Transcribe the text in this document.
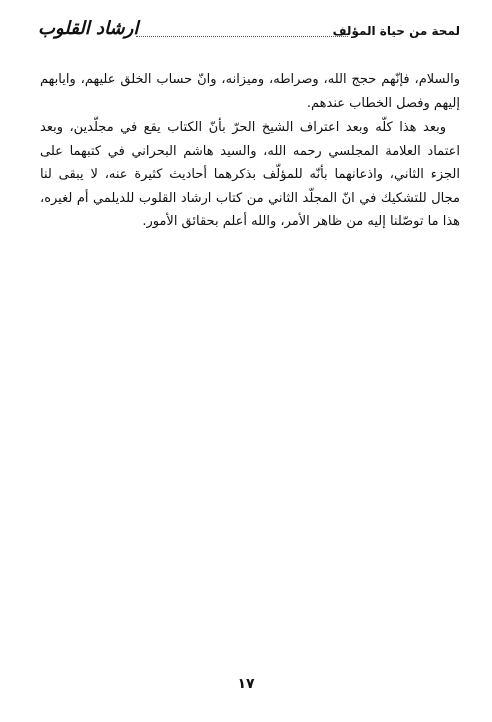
ارشاد القلوب	لمحة من حياة المؤلف

والسلام، فإنّهم حجج الله، وصراطه، وميزانه، وانّ حساب الخلق عليهم، وايابهم إليهم وفصل الخطاب عندهم.

وبعد هذا كلّه وبعد اعتراف الشيخ الحرّ بأنّ الكتاب يقع في مجلّدين، وبعد اعتماد العلامة المجلسي رحمه الله، والسيد هاشم البحراني في كتبهما على الجزء الثاني، واذعانهما بأنّه للمؤلّف بذكرهما أحاديث كثيرة عنه، لا يبقى لنا مجال للتشكيك في انّ المجلّد الثاني من كتاب ارشاد القلوب للديلمي أم لغيره، هذا ما توصّلنا إليه من ظاهر الأمر، والله أعلم بحقائق الأمور.

١٧
